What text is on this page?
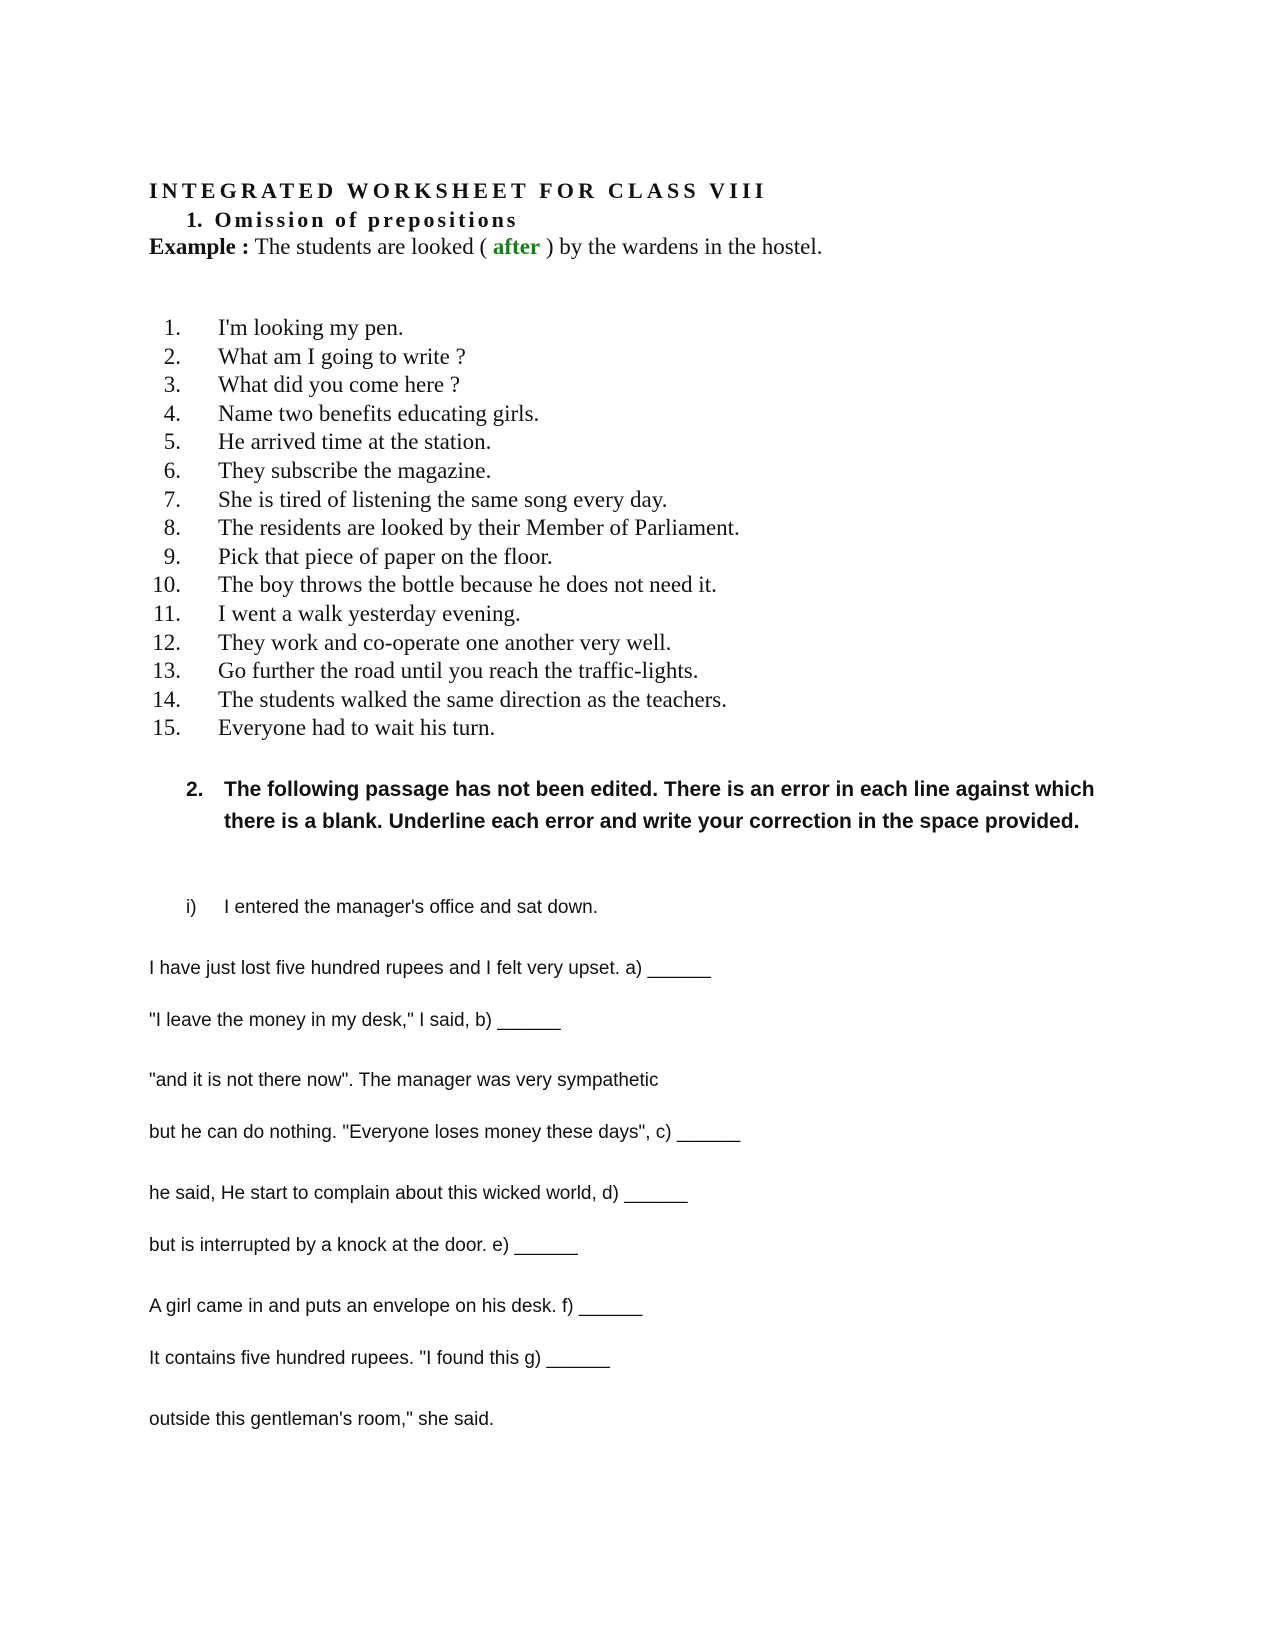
INTEGRATED WORKSHEET FOR CLASS VIII
1. Omission of prepositions
Example : The students are looked ( after ) by the wardens in the hostel.
1. I'm looking my pen.
2. What am I going to write ?
3. What did you come here ?
4. Name two benefits educating girls.
5. He arrived time at the station.
6. They subscribe the magazine.
7. She is tired of listening the same song every day.
8. The residents are looked by their Member of Parliament.
9. Pick that piece of paper on the floor.
10. The boy throws the bottle because he does not need it.
11. I went a walk yesterday evening.
12. They work and co-operate one another very well.
13. Go further the road until you reach the traffic-lights.
14. The students walked the same direction as the teachers.
15. Everyone had to wait his turn.
2. The following passage has not been edited. There is an error in each line against which there is a blank. Underline each error and write your correction in the space provided.
i)	I entered the manager's office and sat down.
I have just lost five hundred rupees and I felt very upset. a) ______
"I leave the money in my desk," I said, b) ______
"and it is not there now". The manager was very sympathetic
but he can do nothing. "Everyone loses money these days", c) ______
he said, He start to complain about this wicked world, d) ______
but is interrupted by a knock at the door. e) ______
A girl came in and puts an envelope on his desk. f) ______
It contains five hundred rupees. "I found this g) ______
outside this gentleman's room," she said.
